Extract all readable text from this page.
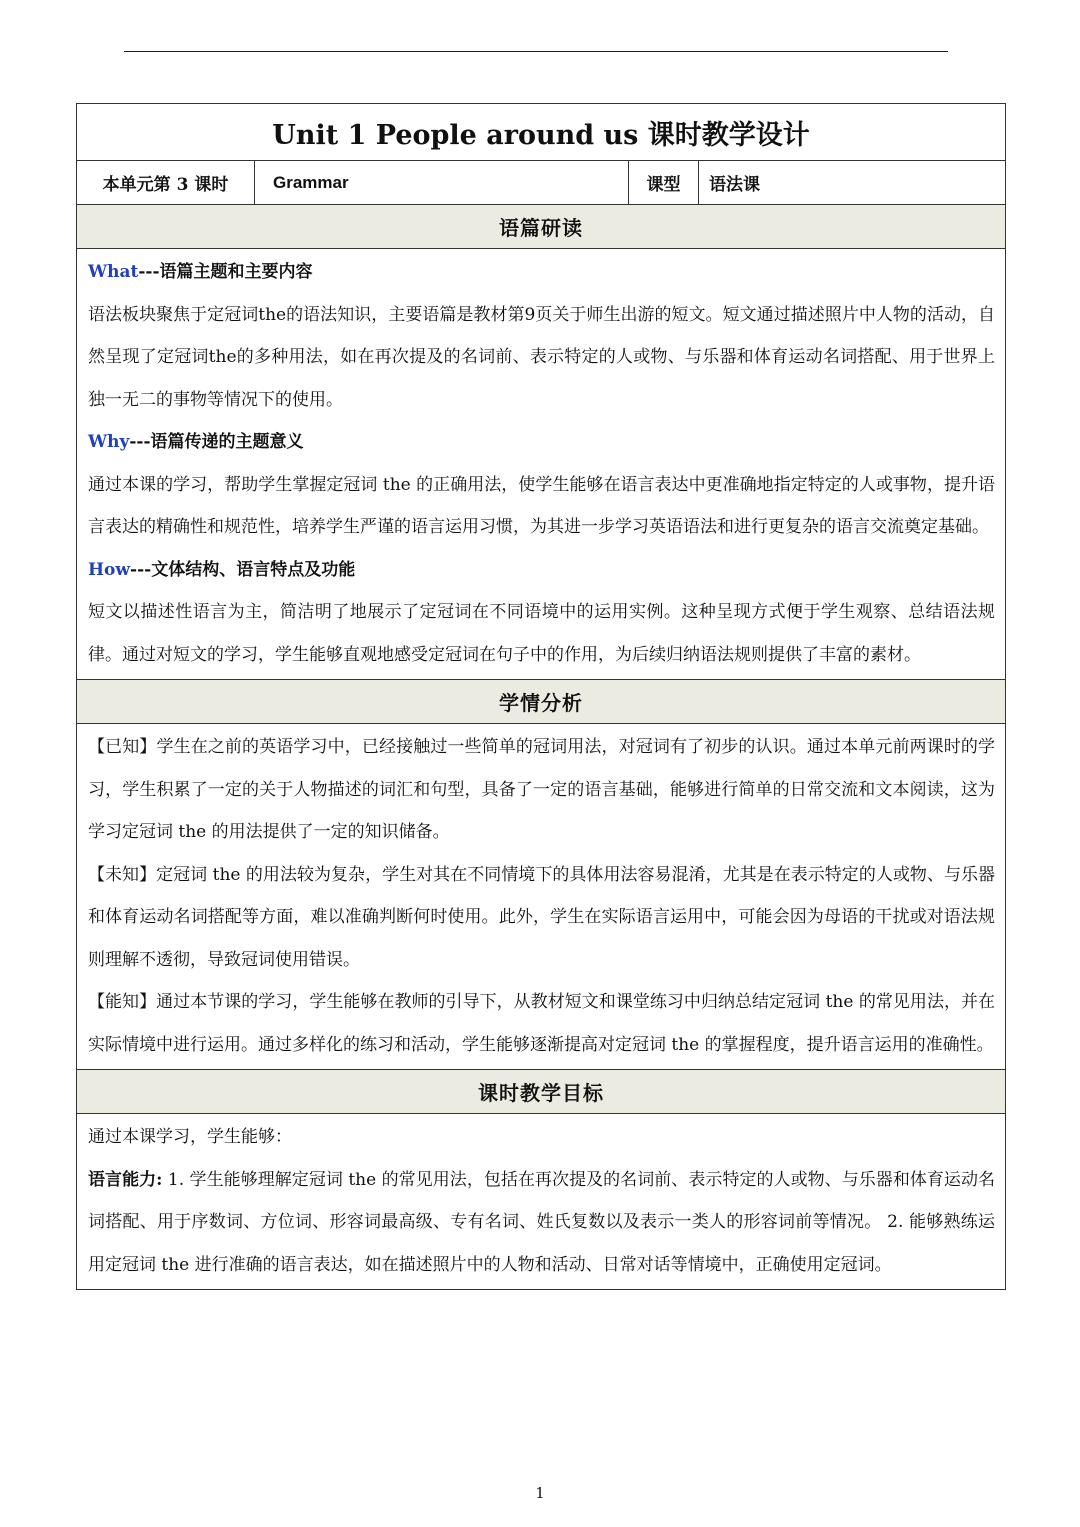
Unit 1 People around us 课时教学设计
本单元第 3 课时	Grammar	课型	语法课
语篇研读

What---语篇主题和主要内容

语法板块聚焦于定冠词the的语法知识，主要语篇是教材第9页关于师生出游的短文。短文通过描述照片中人物的活动，自然呈现了定冠词the的多种用法，如在再次提及的名词前、表示特定的人或物、与乐器和体育运动名词搭配、用于世界上独一无二的事物等情况下的使用。

Why---语篇传递的主题意义

通过本课的学习，帮助学生掌握定冠词 the 的正确用法，使学生能够在语言表达中更准确地指定特定的人或事物，提升语言表达的精确性和规范性，培养学生严谨的语言运用习惯，为其进一步学习英语语法和进行更复杂的语言交流奠定基础。

How---文体结构、语言特点及功能

短文以描述性语言为主，简洁明了地展示了定冠词在不同语境中的运用实例。这种呈现方式便于学生观察、总结语法规律。通过对短文的学习，学生能够直观地感受定冠词在句子中的作用，为后续归纳语法规则提供了丰富的素材。

学情分析

【已知】学生在之前的英语学习中，已经接触过一些简单的冠词用法，对冠词有了初步的认识。通过本单元前两课时的学习，学生积累了一定的关于人物描述的词汇和句型，具备了一定的语言基础，能够进行简单的日常交流和文本阅读，这为学习定冠词 the 的用法提供了一定的知识储备。

【未知】定冠词 the 的用法较为复杂，学生对其在不同情境下的具体用法容易混淆，尤其是在表示特定的人或物、与乐器和体育运动名词搭配等方面，难以准确判断何时使用。此外，学生在实际语言运用中，可能会因为母语的干扰或对语法规则理解不透彻，导致冠词使用错误。

【能知】通过本节课的学习，学生能够在教师的引导下，从教材短文和课堂练习中归纳总结定冠词 the 的常见用法，并在实际情境中进行运用。通过多样化的练习和活动，学生能够逐渐提高对定冠词 the 的掌握程度，提升语言运用的准确性。

课时教学目标

通过本课学习，学生能够：

语言能力: 1. 学生能够理解定冠词 the 的常见用法，包括在再次提及的名词前、表示特定的人或物、与乐器和体育运动名词搭配、用于序数词、方位词、形容词最高级、专有名词、姓氏复数以及表示一类人的形容词前等情况。 2. 能够熟练运用定冠词 the 进行准确的语言表达，如在描述照片中的人物和活动、日常对话等情境中，正确使用定冠词。

1
